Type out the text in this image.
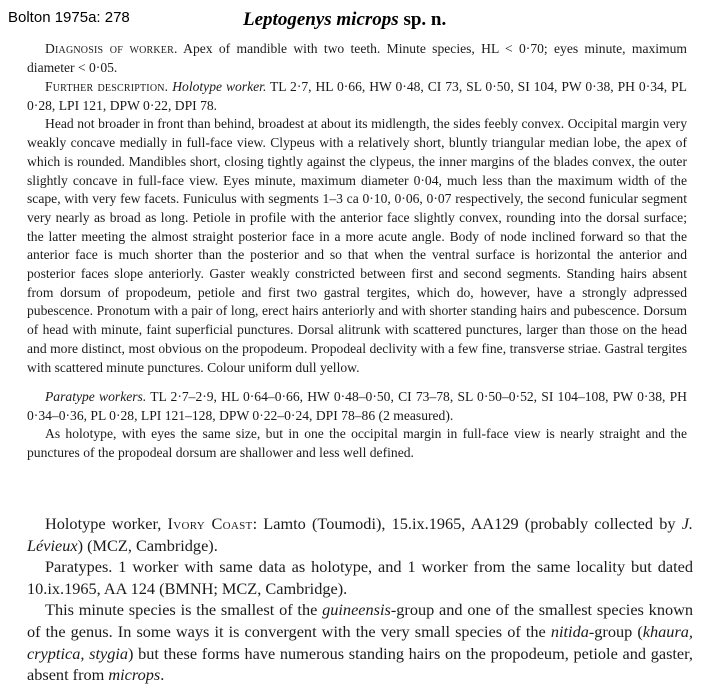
Bolton 1975a: 278	Leptogenys microps sp. n.

Diagnosis of worker. Apex of mandible with two teeth. Minute species, HL < 0·70; eyes minute, maximum diameter < 0·05.

Further description. Holotype worker. TL 2·7, HL 0·66, HW 0·48, CI 73, SL 0·50, SI 104, PW 0·38, PH 0·34, PL 0·28, LPI 121, DPW 0·22, DPI 78.

Head not broader in front than behind, broadest at about its midlength, the sides feebly convex. Occipital margin very weakly concave medially in full-face view. Clypeus with a relatively short, bluntly triangular median lobe, the apex of which is rounded. Mandibles short, closing tightly against the clypeus, the inner margins of the blades convex, the outer slightly concave in full-face view. Eyes minute, maximum diameter 0·04, much less than the maximum width of the scape, with very few facets. Funiculus with segments 1–3 ca 0·10, 0·06, 0·07 respectively, the second funicular segment very nearly as broad as long. Petiole in profile with the anterior face slightly convex, rounding into the dorsal surface; the latter meeting the almost straight posterior face in a more acute angle. Body of node inclined forward so that the anterior face is much shorter than the posterior and so that when the ventral surface is horizontal the anterior and posterior faces slope anteriorly. Gaster weakly constricted between first and second segments. Standing hairs absent from dorsum of propodeum, petiole and first two gastral tergites, which do, however, have a strongly adpressed pubescence. Pronotum with a pair of long, erect hairs anteriorly and with shorter standing hairs and pubescence. Dorsum of head with minute, faint superficial punctures. Dorsal alitrunk with scattered punctures, larger than those on the head and more distinct, most obvious on the propodeum. Propodeal declivity with a few fine, transverse striae. Gastral tergites with scattered minute punctures. Colour uniform dull yellow.

Paratype workers. TL 2·7–2·9, HL 0·64–0·66, HW 0·48–0·50, CI 73–78, SL 0·50–0·52, SI 104–108, PW 0·38, PH 0·34–0·36, PL 0·28, LPI 121–128, DPW 0·22–0·24, DPI 78–86 (2 measured).

As holotype, with eyes the same size, but in one the occipital margin in full-face view is nearly straight and the punctures of the propodeal dorsum are shallower and less well defined.

Holotype worker, Ivory Coast: Lamto (Toumodi), 15.ix.1965, AA129 (probably collected by J. Lévieux) (MCZ, Cambridge).

Paratypes. 1 worker with same data as holotype, and 1 worker from the same locality but dated 10.ix.1965, AA 124 (BMNH; MCZ, Cambridge).

This minute species is the smallest of the guineensis-group and one of the smallest species known of the genus. In some ways it is convergent with the very small species of the nitida-group (khaura, cryptica, stygia) but these forms have numerous standing hairs on the propodeum, petiole and gaster, absent from microps.
